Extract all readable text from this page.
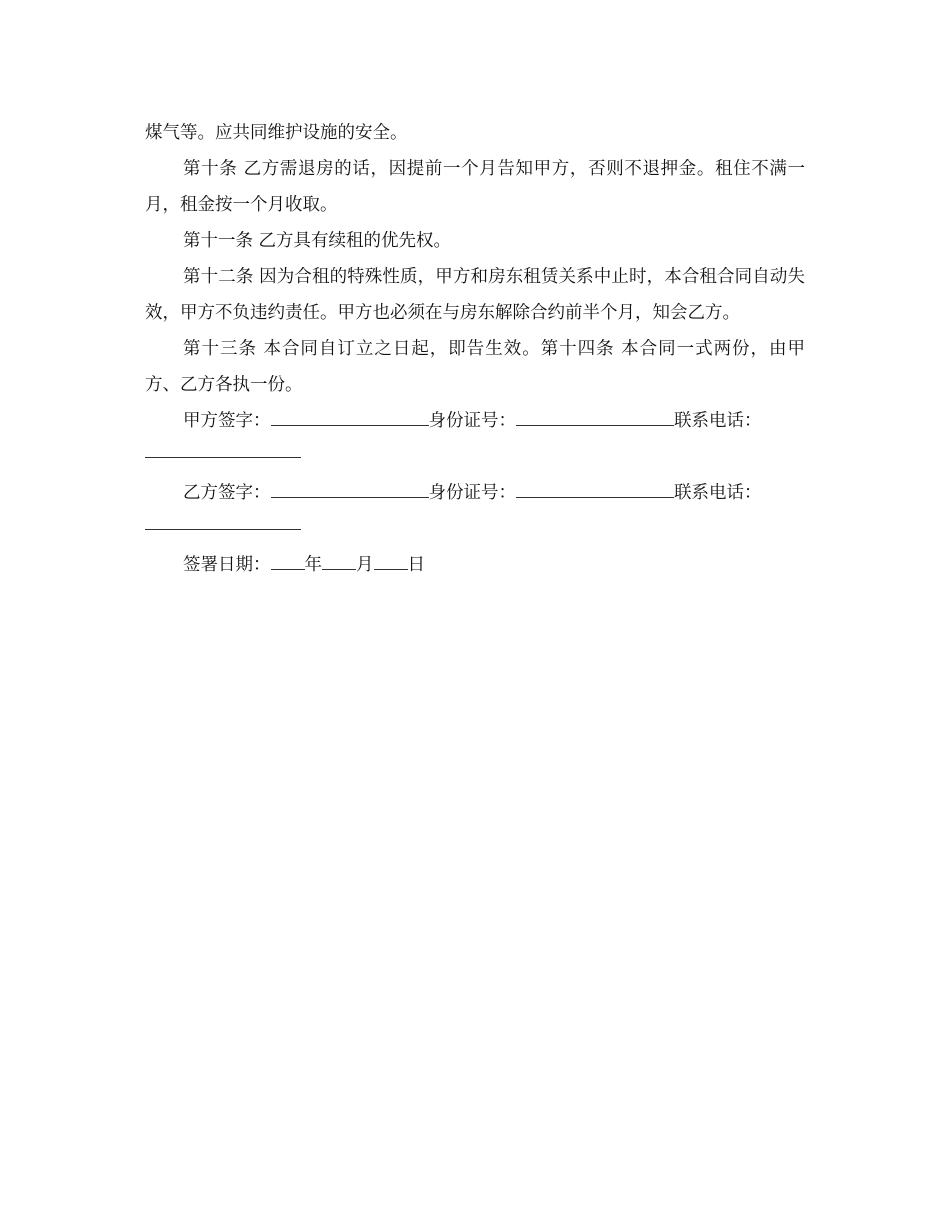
煤气等。应共同维护设施的安全。

第十条 乙方需退房的话，因提前一个月告知甲方，否则不退押金。租住不满一月，租金按一个月收取。

第十一条 乙方具有续租的优先权。

第十二条 因为合租的特殊性质，甲方和房东租赁关系中止时，本合租合同自动失效，甲方不负违约责任。甲方也必须在与房东解除合约前半个月，知会乙方。

第十三条 本合同自订立之日起，即告生效。第十四条 本合同一式两份，由甲方、乙方各执一份。

甲方签字：	身份证号：	联系电话：

乙方签字：	身份证号：	联系电话：

签署日期： 年 月 日
